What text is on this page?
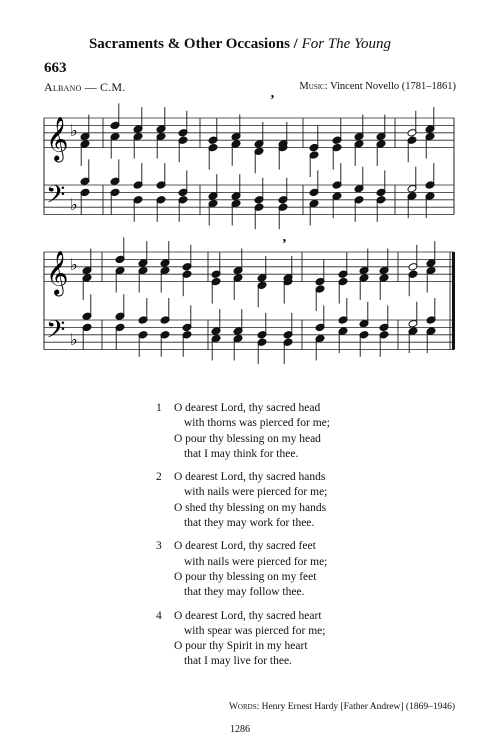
Sacraments & Other Occasions / For The Young
663
Albano — C.M.	Music: Vincent Novello (1781–1861)
𝄞 ♭
𝄢 ♭
𝄞 ♭
𝄢 ♭
’
’
1 O dearest Lord, thy sacred head
with thorns was pierced for me;
O pour thy blessing on my head
that I may think for thee.
2 O dearest Lord, thy sacred hands
with nails were pierced for me;
O shed thy blessing on my hands
that they may work for thee.
3 O dearest Lord, thy sacred feet
with nails were pierced for me;
O pour thy blessing on my feet
that they may follow thee.
4 O dearest Lord, thy sacred heart
with spear was pierced for me;
O pour thy Spirit in my heart
that I may live for thee.
Words: Henry Ernest Hardy [Father Andrew] (1869–1946)
1286
